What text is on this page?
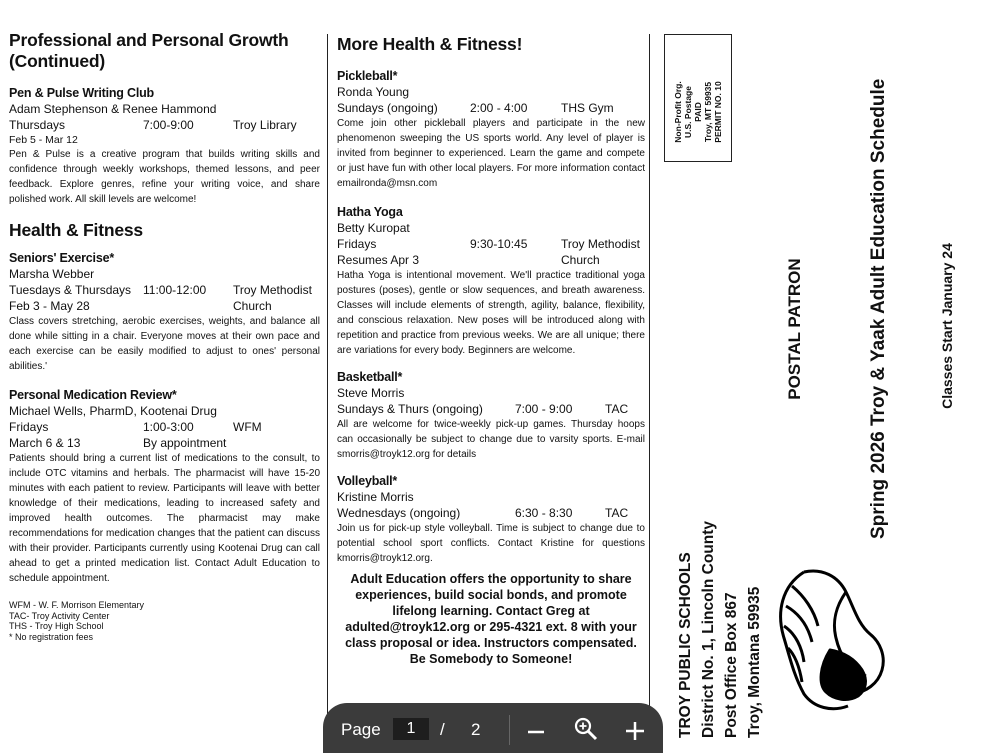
Professional and Personal Growth
(Continued)
Pen & Pulse Writing Club
Adam Stephenson & Renee Hammond
Thursdays	7:00-9:00	Troy Library
Feb 5 - Mar 12
Pen & Pulse is a creative program that builds writing skills and confidence through weekly workshops, themed lessons, and peer feedback. Explore genres, refine your writing voice, and share polished work. All skill levels are welcome!
Health & Fitness
Seniors' Exercise*
Marsha Webber
Tuesdays & Thursdays 11:00-12:00 Troy Methodist
Feb 3 - May 28	Church
Class covers stretching, aerobic exercises, weights, and balance all done while sitting in a chair. Everyone moves at their own pace and each exercise can be easily modified to adjust to ones' personal abilities.'
Personal Medication Review*
Michael Wells, PharmD, Kootenai Drug
Fridays	1:00-3:00	WFM
March 6 & 13	By appointment
Patients should bring a current list of medications to the consult, to include OTC vitamins and herbals. The pharmacist will have 15-20 minutes with each patient to review. Participants will leave with better knowledge of their medications, leading to increased safety and improved health outcomes. The pharmacist may make recommendations for medication changes that the patient can discuss with their provider. Participants currently using Kootenai Drug can call ahead to get a printed medication list. Contact Adult Education to schedule appointment.
WFM - W. F. Morrison Elementary
TAC- Troy Activity Center
THS - Troy High School
* No registration fees
More Health & Fitness!
Pickleball*
Ronda Young
Sundays (ongoing)	2:00 - 4:00	THS Gym
Come join other pickleball players and participate in the new phenomenon sweeping the US sports world. Any level of player is invited from beginner to experienced. Learn the game and compete or just have fun with other local players. For more information contact emailronda@msn.com
Hatha Yoga
Betty Kuropat
Fridays	9:30-10:45	Troy Methodist
Resumes Apr 3	Church
Hatha Yoga is intentional movement. We'll practice traditional yoga postures (poses), gentle or slow sequences, and breath awareness. Classes will include elements of strength, agility, balance, flexibility, and conscious relaxation. New poses will be introduced along with repetition and practice from previous weeks. We are all unique; there are variations for every body. Beginners are welcome.
Basketball*
Steve Morris
Sundays & Thurs (ongoing)	7:00 - 9:00	TAC
All are welcome for twice-weekly pick-up games. Thursday hoops can occasionally be subject to change due to varsity sports. E-mail smorris@troyk12.org for details
Volleyball*
Kristine Morris
Wednesdays (ongoing)	6:30 - 8:30	TAC
Join us for pick-up style volleyball. Time is subject to change due to potential school sport conflicts. Contact Kristine for questions kmorris@troyk12.org.
Adult Education offers the opportunity to share experiences, build social bonds, and promote lifelong learning. Contact Greg at adulted@troyk12.org or 295-4321 ext. 8 with your class proposal or idea. Instructors compensated.
Be Somebody to Someone!
Non-Profit Org. U.S. Postage PAID Troy, MT 59935 PERMIT NO. 10
POSTAL PATRON	Spring 2026 Troy & Yaak Adult Education Schedule	Classes Start January 24
TROY PUBLIC SCHOOLS District No. 1, Lincoln County Post Office Box 867 Troy, Montana 59935
Page	1	/ 2
